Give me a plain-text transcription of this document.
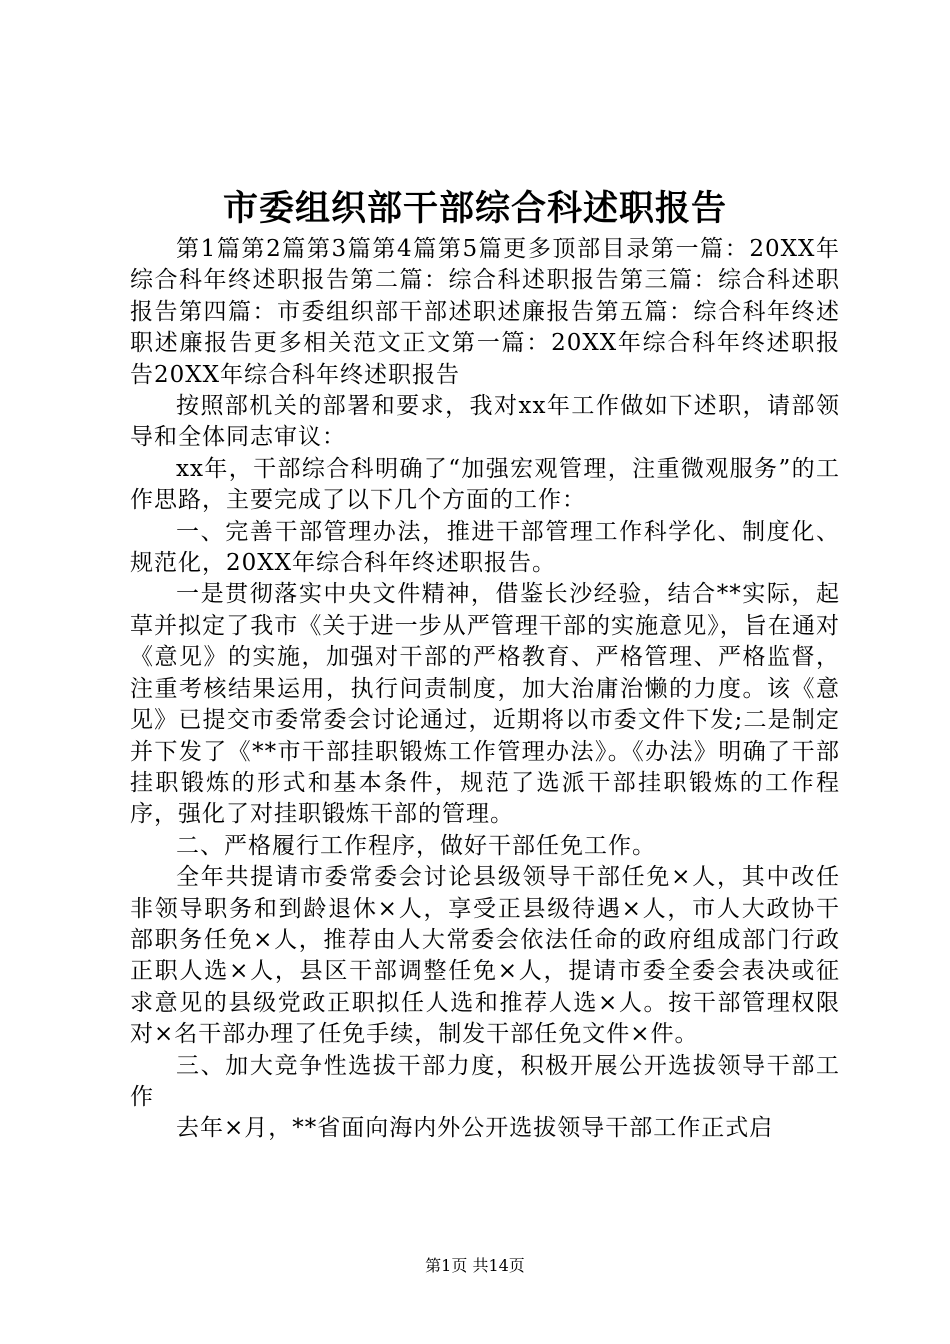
市委组织部干部综合科述职报告

第1篇第2篇第3篇第4篇第5篇更多顶部目录第一篇：20XX年综合科年终述职报告第二篇：综合科述职报告第三篇：综合科述职报告第四篇：市委组织部干部述职述廉报告第五篇：综合科年终述职述廉报告更多相关范文正文第一篇：20XX年综合科年终述职报告20XX年综合科年终述职报告

按照部机关的部署和要求，我对xx年工作做如下述职，请部领导和全体同志审议：

xx年，干部综合科明确了“加强宏观管理，注重微观服务”的工作思路，主要完成了以下几个方面的工作：

一、完善干部管理办法，推进干部管理工作科学化、制度化、规范化，20XX年综合科年终述职报告。

一是贯彻落实中央文件精神，借鉴长沙经验，结合**实际，起草并拟定了我市《关于进一步从严管理干部的实施意见》，旨在通对《意见》的实施，加强对干部的严格教育、严格管理、严格监督，注重考核结果运用，执行问责制度，加大治庸治懒的力度。该《意见》已提交市委常委会讨论通过，近期将以市委文件下发;二是制定并下发了《**市干部挂职锻炼工作管理办法》。《办法》明确了干部挂职锻炼的形式和基本条件，规范了选派干部挂职锻炼的工作程序，强化了对挂职锻炼干部的管理。

二、严格履行工作程序，做好干部任免工作。

全年共提请市委常委会讨论县级领导干部任免×人，其中改任非领导职务和到龄退休×人，享受正县级待遇×人，市人大政协干部职务任免×人，推荐由人大常委会依法任命的政府组成部门行政正职人选×人，县区干部调整任免×人，提请市委全委会表决或征求意见的县级党政正职拟任人选和推荐人选×人。按干部管理权限对×名干部办理了任免手续，制发干部任免文件×件。

三、加大竞争性选拔干部力度，积极开展公开选拔领导干部工作

去年×月，**省面向海内外公开选拔领导干部工作正式启

第1页 共14页
